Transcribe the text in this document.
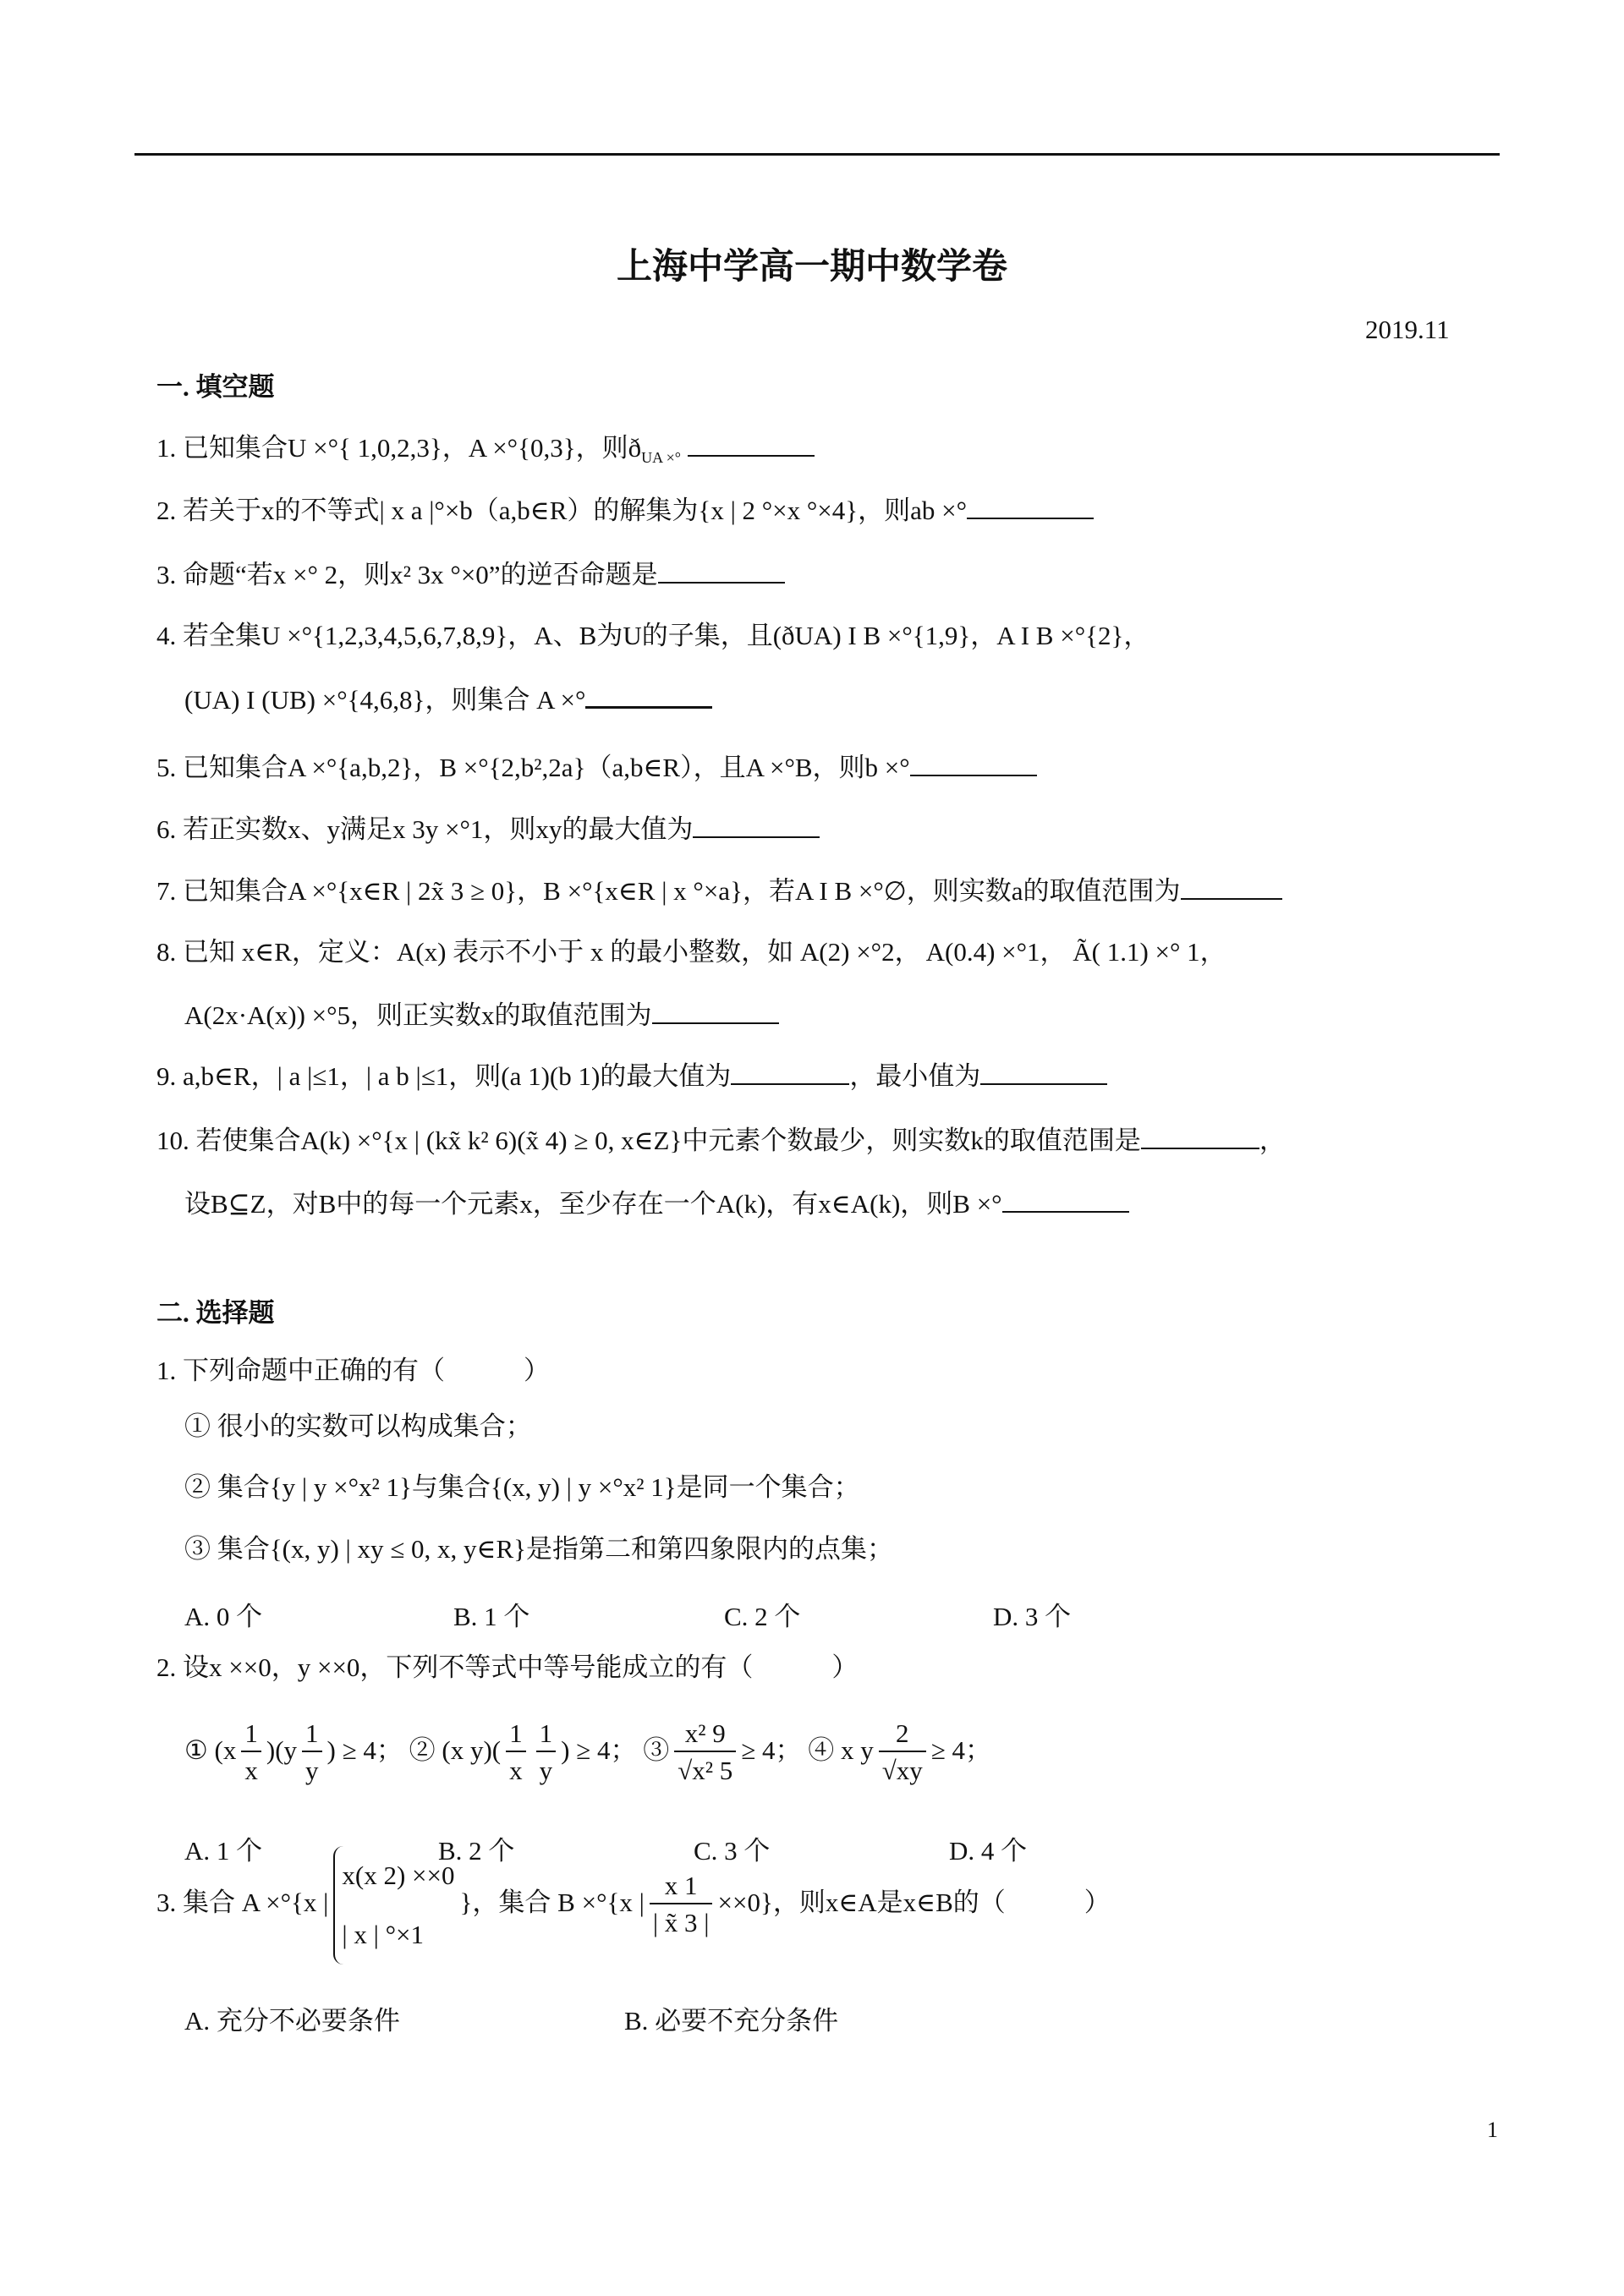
上海中学高一期中数学卷
2019.11
一. 填空题
1. 已知集合U ×°{ 1,0,2,3}，A ×°{0,3}，则$ð_{UA \times^\circ}$
2. 若关于x的不等式| x a |°×b（a,b∈R）的解集为{x | 2 °×x °×4}，则ab ×°
3. 命题“若x ×° 2，则x² 3x °×0”的逆否命题是
4. 若全集U ×°{1,2,3,4,5,6,7,8,9}，A、B为U的子集，且(ðUA) I B ×°{1,9}，A I B ×°{2}，
(UA) I (UB) ×°{4,6,8}，则集合 A ×°
5. 已知集合A ×°{a,b,2}，B ×°{2,b²,2a}（a,b∈R），且A ×°B，则b ×°
6. 若正实数x、y满足x 3y ×°1，则xy的最大值为
7. 已知集合A ×°{x∈R | 2x̃ 3 ≥ 0}，B ×°{x∈R | x °×a}，若A I B ×°∅，则实数a的取值范围为
8. 已知 x∈R，定义：A(x) 表示不小于 x 的最小整数，如 A(2) ×°2， A(0.4) ×°1， Ã( 1.1) ×° 1，
A(2x·A(x)) ×°5，则正实数x的取值范围为
9. a,b∈R，| a |≤1，| a b |≤1，则(a 1)(b 1)的最大值为	，最小值为
10. 若使集合A(k) ×°{x | (kx̃ k² 6)(x̃ 4) ≥ 0, x∈Z}中元素个数最少，则实数k的取值范围是	，
设B⊆Z，对B中的每一个元素x，至少存在一个A(k)，有x∈A(k)，则B ×°
二. 选择题
1. 下列命题中正确的有（　　　）
① 很小的实数可以构成集合；
② 集合{y | y ×°x² 1}与集合{(x, y) | y ×°x² 1}是同一个集合；
③ 集合{(x, y) | xy ≤ 0, x, y∈R}是指第二和第四象限内的点集；
A. 0 个	B. 1 个	C. 2 个	D. 3 个
2. 设x ××0，y ××0，下列不等式中等号能成立的有（　　　）
① $(x \frac{1}{x} )(y \frac{1}{y}$ ) ≥ 4； ② (x $y)( \frac{1}{x} \frac{1}{y}$ ) ≥ 4； ③ $\frac{\text{x² 9}}{\text{√x² 5}} \ge 4$； ④ x y $\frac{2}{√xy} \ge 4$；
A. 1 个	B. 2 个	C. 3 个	D. 4 个
3. 集合 A ×°{x |
x(x 2) ××0
| x | °×1
}，集合 B ×°{x | $\frac{x 1}{| x̃ 3 |} \times\times 0$}，则x∈A是x∈B的（　　　）
A. 充分不必要条件	B. 必要不充分条件
1
